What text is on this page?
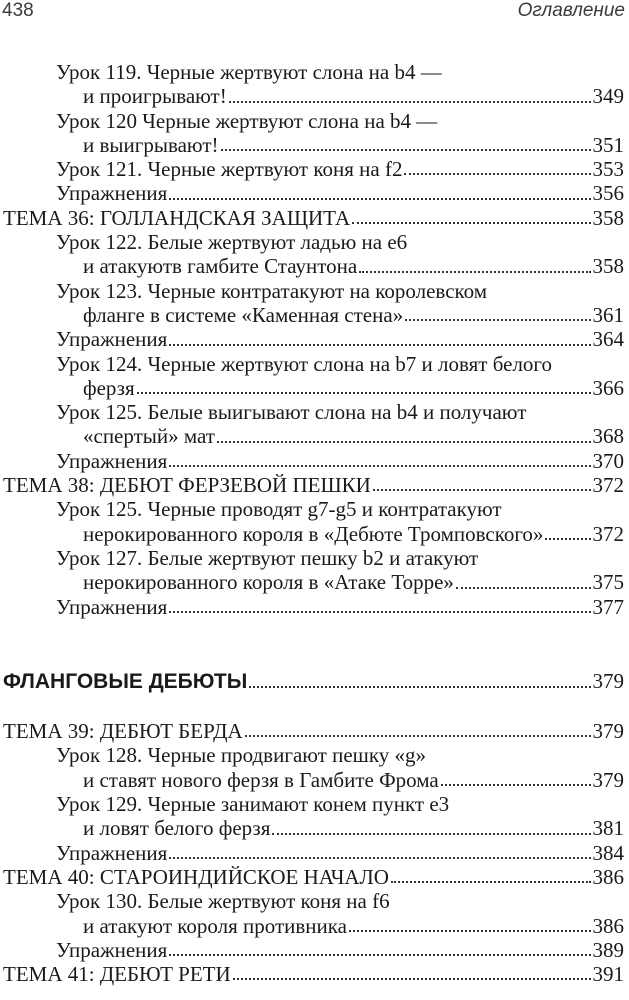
438	Оглавление
Урок 119. Черные жертвуют слона на b4 —
и проигрывают!	349
Урок 120 Черные жертвуют слона на b4 —
и выигрывают!	351
Урок 121. Черные жертвуют коня на f2	353
Упражнения	356
ТЕМА 36: ГОЛЛАНДСКАЯ ЗАЩИТА	358
Урок 122. Белые жертвуют ладью на е6
и атакуютв гамбите Стаунтона	358
Урок 123. Черные контратакуют на королевском
фланге в системе «Каменная стена»	361
Упражнения	364
Урок 124. Черные жертвуют слона на b7 и ловят белого
ферзя	366
Урок 125. Белые выигывают слона на b4 и получают
«спертый» мат	368
Упражнения	370
ТЕМА 38: ДЕБЮТ ФЕРЗЕВОЙ ПЕШКИ	372
Урок 125. Черные проводят g7-g5 и контратакуют
нерокированного короля в «Дебюте Тромповского» 372
Урок 127. Белые жертвуют пешку b2 и атакуют
нерокированного короля в «Атаке Торре»	375
Упражнения	377
ФЛАНГОВЫЕ ДЕБЮТЫ	379
ТЕМА 39: ДЕБЮТ БЕРДА	379
Урок 128. Черные продвигают пешку «g»
и ставят нового ферзя в Гамбите Фрома	379
Урок 129. Черные занимают конем пункт е3
и ловят белого ферзя	381
Упражнения	384
ТЕМА 40: СТАРОИНДИЙСКОЕ НАЧАЛО	386
Урок 130. Белые жертвуют коня на f6
и атакуют короля противника	386
Упражнения	389
ТЕМА 41: ДЕБЮТ РЕТИ	391
